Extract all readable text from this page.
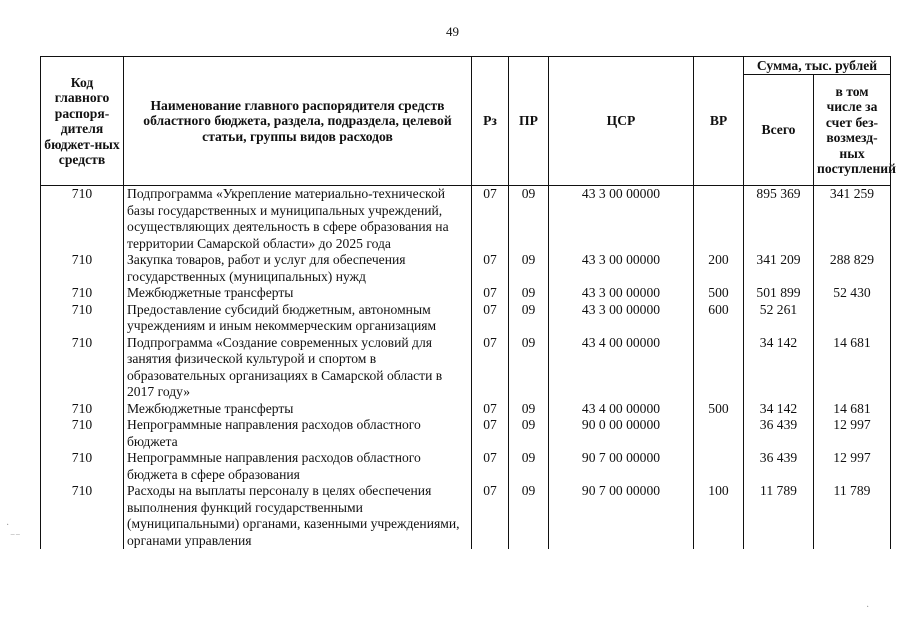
49
Код главного распоря-дителя бюджет-ных средств	Наименование главного распорядителя средств областного бюджета, раздела, подраздела, целевой статьи, группы видов расходов	Рз	ПР	ЦСР	ВР	Сумма, тыс. рублей	
						Всего	в том числе за счет без-возмезд-ных поступлений
710	Подпрограмма «Укрепление материально-технической базы государственных и муниципальных учреждений, осуществляющих деятельность в сфере образования на территории Самарской области» до 2025 года	07	09	43 3 00 00000		895 369	341 259
710	Закупка товаров, работ и услуг для обеспечения государственных (муниципальных) нужд	07	09	43 3 00 00000	200	341 209	288 829
710	Межбюджетные трансферты	07	09	43 3 00 00000	500	501 899	52 430
710	Предоставление субсидий бюджетным, автономным учреждениям и иным некоммерческим организациям	07	09	43 3 00 00000	600	52 261	
710	Подпрограмма «Создание современных условий для занятия физической культурой и спортом в образовательных организациях в Самарской области в 2017 году»	07	09	43 4 00 00000		34 142	14 681
710	Межбюджетные трансферты	07	09	43 4 00 00000	500	34 142	14 681
710	Непрограммные направления расходов областного бюджета	07	09	90 0 00 00000		36 439	12 997
710	Непрограммные направления расходов областного бюджета в сфере образования	07	09	90 7 00 00000		36 439	12 997
710	Расходы на выплаты персоналу в целях обеспечения выполнения функций государственными (муниципальными) органами, казенными учреждениями, органами управления	07	09	90 7 00 00000	100	11 789	11 789
·
⁻⁻
·
